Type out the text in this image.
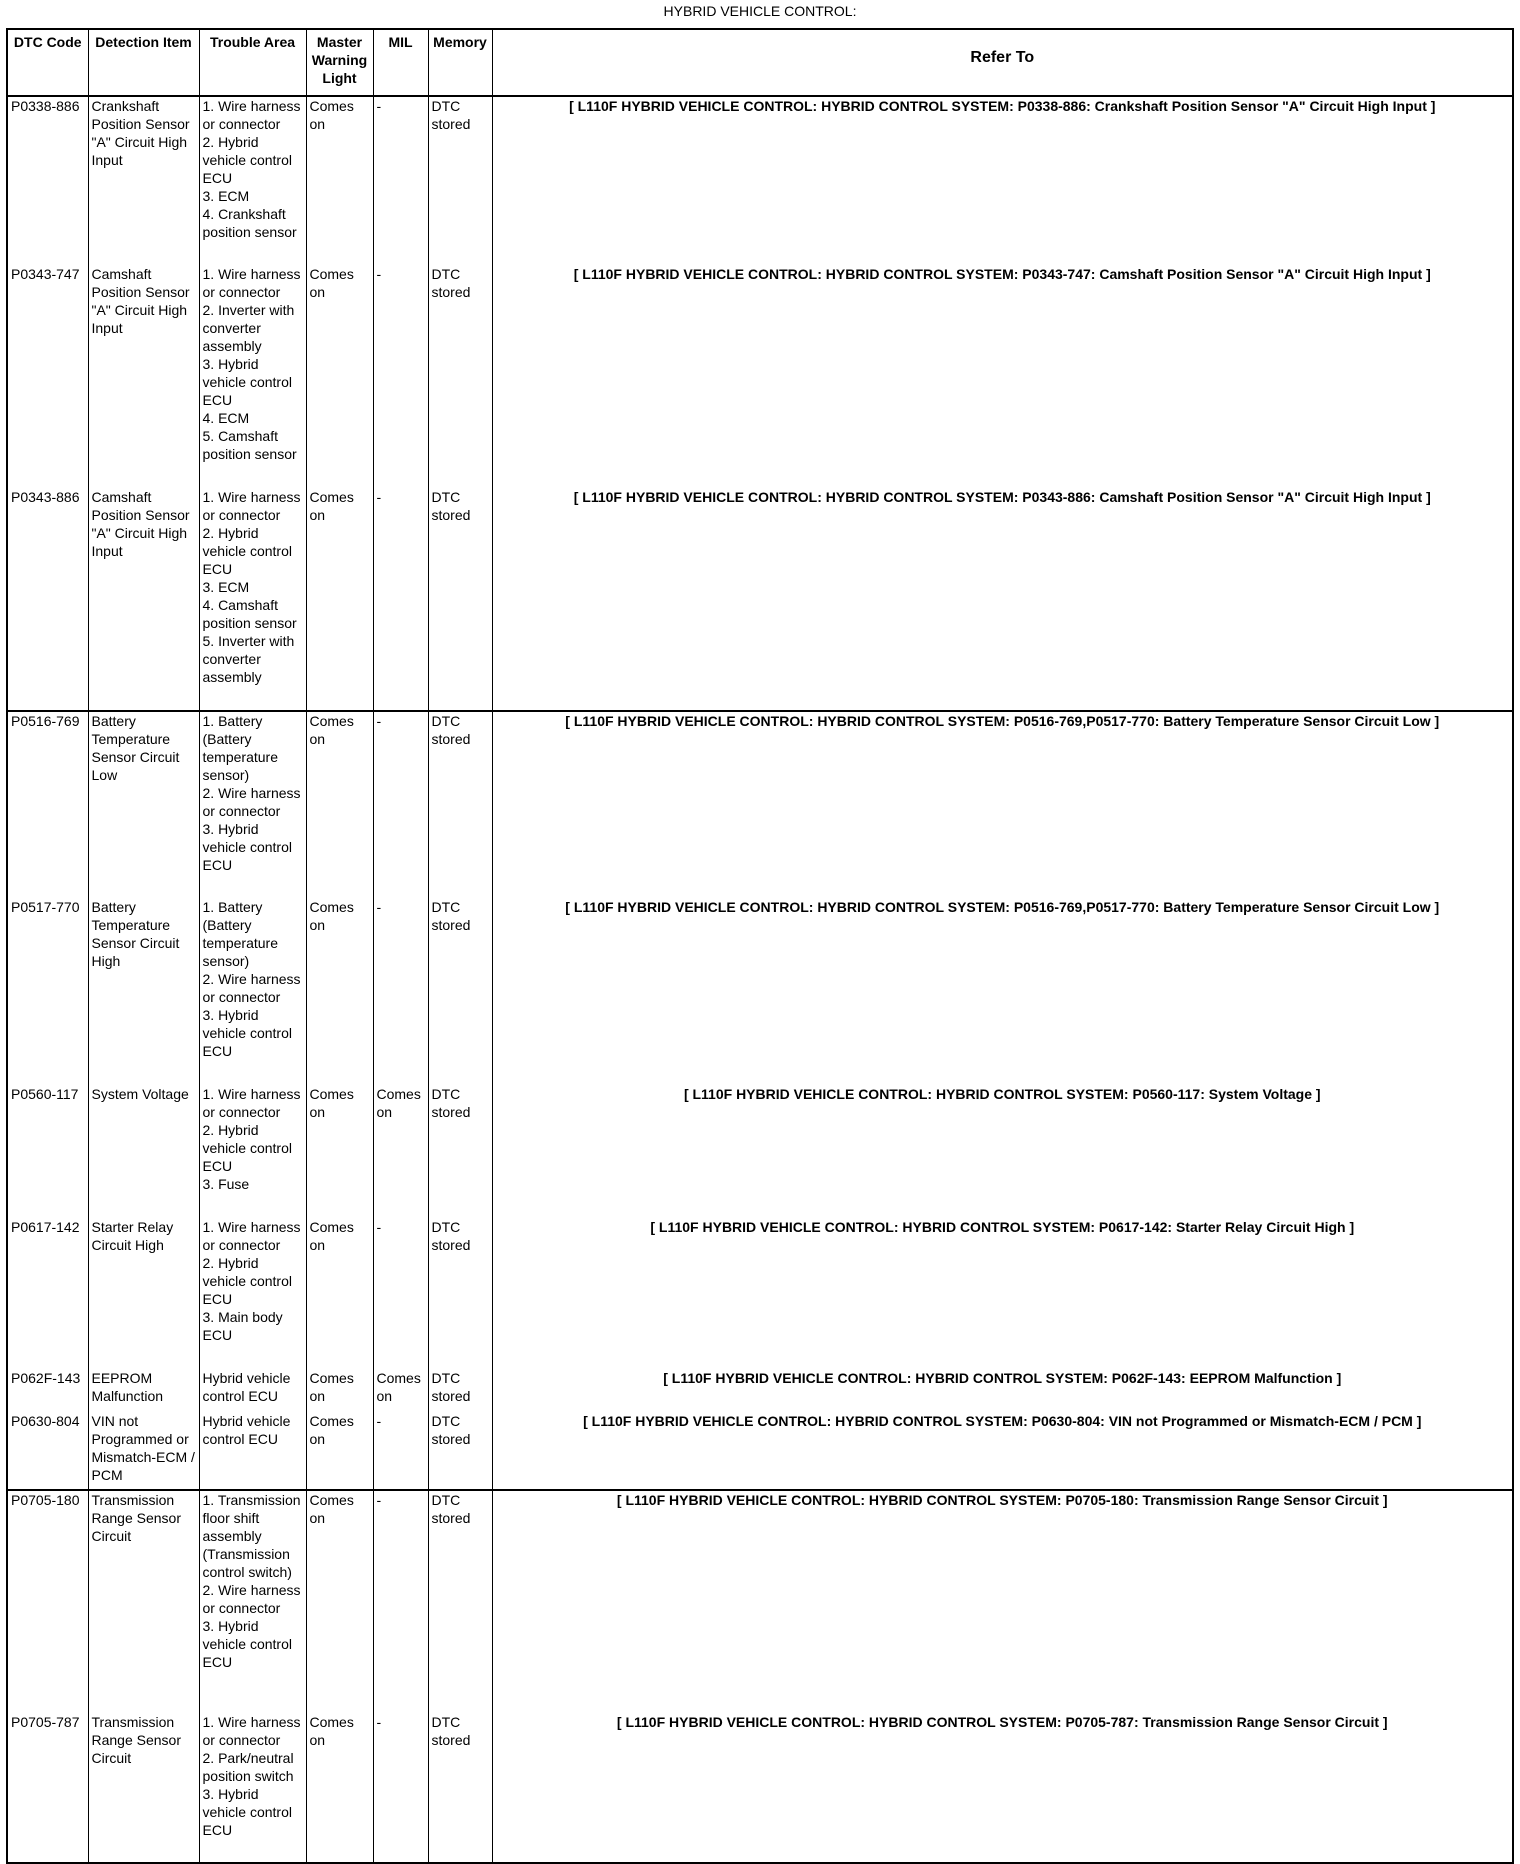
HYBRID VEHICLE CONTROL:
DTC Code	Detection Item	Trouble Area	Master Warning Light	MIL	Memory	Refer To
P0338-886	Crankshaft Position Sensor "A" Circuit High Input	1. Wire harness or connector
2. Hybrid vehicle control ECU
3. ECM
4. Crankshaft position sensor	Comes on	-	DTC stored	[ L110F HYBRID VEHICLE CONTROL: HYBRID CONTROL SYSTEM: P0338-886: Crankshaft Position Sensor "A" Circuit High Input ]
P0343-747	Camshaft Position Sensor "A" Circuit High Input	1. Wire harness or connector
2. Inverter with converter assembly
3. Hybrid vehicle control ECU
4. ECM
5. Camshaft position sensor	Comes on	-	DTC stored	[ L110F HYBRID VEHICLE CONTROL: HYBRID CONTROL SYSTEM: P0343-747: Camshaft Position Sensor "A" Circuit High Input ]
P0343-886	Camshaft Position Sensor "A" Circuit High Input	1. Wire harness or connector
2. Hybrid vehicle control ECU
3. ECM
4. Camshaft position sensor
5. Inverter with converter assembly	Comes on	-	DTC stored	[ L110F HYBRID VEHICLE CONTROL: HYBRID CONTROL SYSTEM: P0343-886: Camshaft Position Sensor "A" Circuit High Input ]
P0516-769	Battery Temperature Sensor Circuit Low	1. Battery (Battery temperature sensor)
2. Wire harness or connector
3. Hybrid vehicle control ECU	Comes on	-	DTC stored	[ L110F HYBRID VEHICLE CONTROL: HYBRID CONTROL SYSTEM: P0516-769,P0517-770: Battery Temperature Sensor Circuit Low ]
P0517-770	Battery Temperature Sensor Circuit High	1. Battery (Battery temperature sensor)
2. Wire harness or connector
3. Hybrid vehicle control ECU	Comes on	-	DTC stored	[ L110F HYBRID VEHICLE CONTROL: HYBRID CONTROL SYSTEM: P0516-769,P0517-770: Battery Temperature Sensor Circuit Low ]
P0560-117	System Voltage	1. Wire harness or connector
2. Hybrid vehicle control ECU
3. Fuse	Comes on	Comes on	DTC stored	[ L110F HYBRID VEHICLE CONTROL: HYBRID CONTROL SYSTEM: P0560-117: System Voltage ]
P0617-142	Starter Relay Circuit High	1. Wire harness or connector
2. Hybrid vehicle control ECU
3. Main body ECU	Comes on	-	DTC stored	[ L110F HYBRID VEHICLE CONTROL: HYBRID CONTROL SYSTEM: P0617-142: Starter Relay Circuit High ]
P062F-143	EEPROM Malfunction	Hybrid vehicle control ECU	Comes on	Comes on	DTC stored	[ L110F HYBRID VEHICLE CONTROL: HYBRID CONTROL SYSTEM: P062F-143: EEPROM Malfunction ]
P0630-804	VIN not Programmed or Mismatch-ECM / PCM	Hybrid vehicle control ECU	Comes on	-	DTC stored	[ L110F HYBRID VEHICLE CONTROL: HYBRID CONTROL SYSTEM: P0630-804: VIN not Programmed or Mismatch-ECM / PCM ]
P0705-180	Transmission Range Sensor Circuit	1. Transmission floor shift assembly (Transmission control switch)
2. Wire harness or connector
3. Hybrid vehicle control ECU	Comes on	-	DTC stored	[ L110F HYBRID VEHICLE CONTROL: HYBRID CONTROL SYSTEM: P0705-180: Transmission Range Sensor Circuit ]
P0705-787	Transmission Range Sensor Circuit	1. Wire harness or connector
2. Park/neutral position switch
3. Hybrid vehicle control ECU	Comes on	-	DTC stored	[ L110F HYBRID VEHICLE CONTROL: HYBRID CONTROL SYSTEM: P0705-787: Transmission Range Sensor Circuit ]
